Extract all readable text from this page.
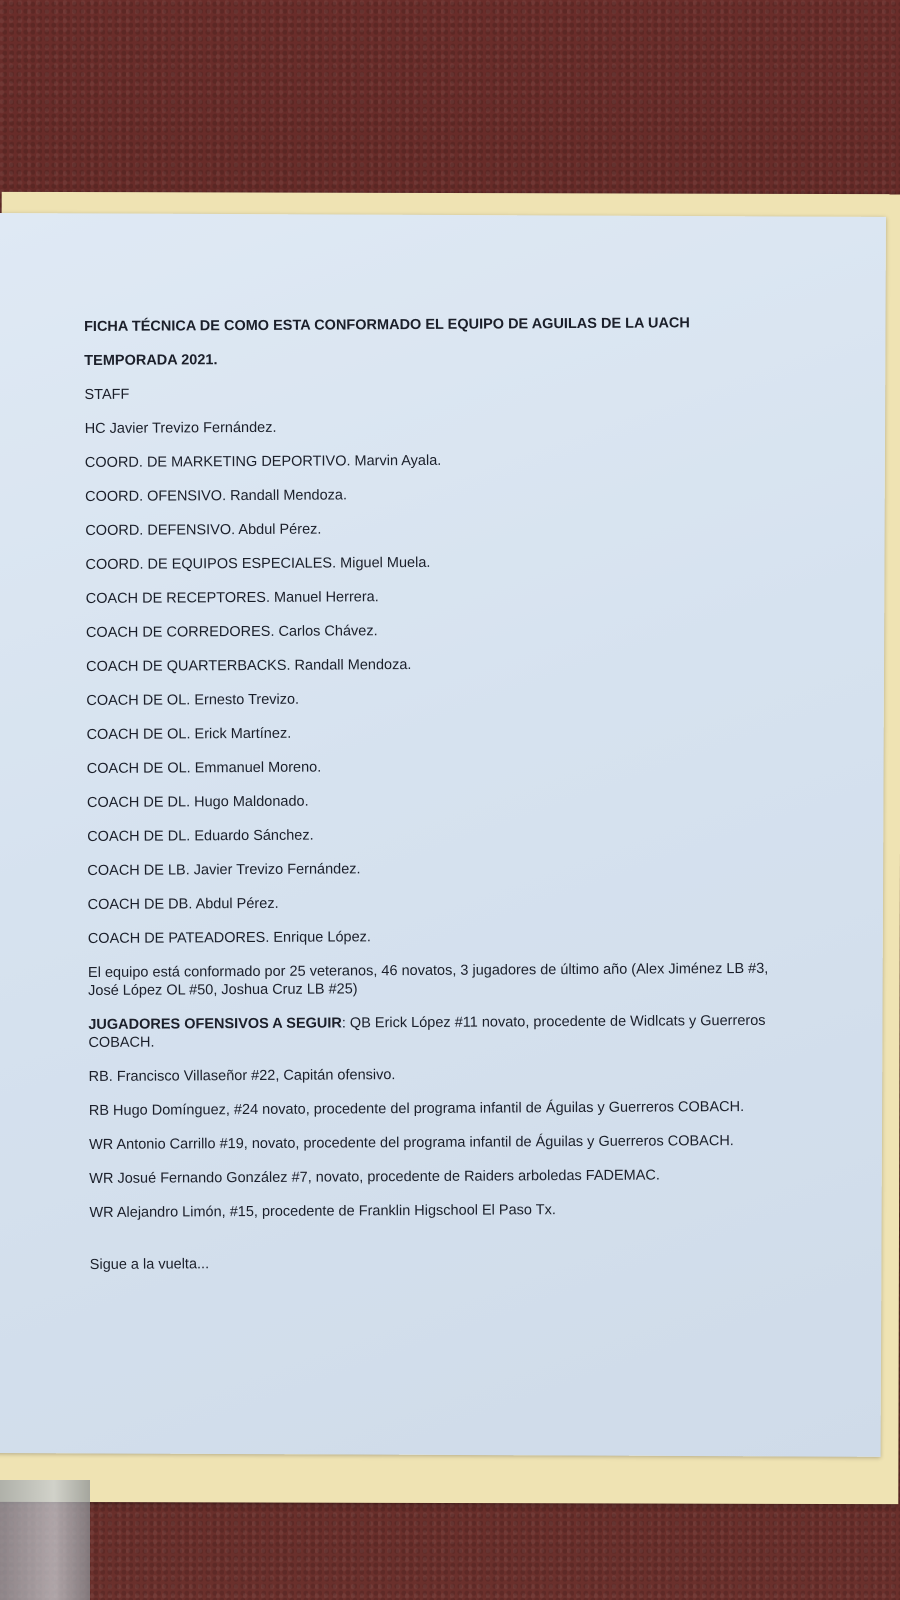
FICHA TÉCNICA DE COMO ESTA CONFORMADO EL EQUIPO DE AGUILAS DE LA UACH

TEMPORADA 2021.

STAFF

HC Javier Trevizo Fernández.

COORD. DE MARKETING DEPORTIVO. Marvin Ayala.

COORD. OFENSIVO. Randall Mendoza.

COORD. DEFENSIVO. Abdul Pérez.

COORD. DE EQUIPOS ESPECIALES. Miguel Muela.

COACH DE RECEPTORES. Manuel Herrera.

COACH DE CORREDORES. Carlos Chávez.

COACH DE QUARTERBACKS. Randall Mendoza.

COACH DE OL. Ernesto Trevizo.

COACH DE OL. Erick Martínez.

COACH DE OL. Emmanuel Moreno.

COACH DE DL. Hugo Maldonado.

COACH DE DL. Eduardo Sánchez.

COACH DE LB. Javier Trevizo Fernández.

COACH DE DB. Abdul Pérez.

COACH DE PATEADORES. Enrique López.

El equipo está conformado por 25 veteranos, 46 novatos, 3 jugadores de último año (Alex Jiménez LB #3, José López OL #50, Joshua Cruz LB #25)

JUGADORES OFENSIVOS A SEGUIR: QB Erick López #11 novato, procedente de Widlcats y Guerreros COBACH.

RB. Francisco Villaseñor #22, Capitán ofensivo.

RB Hugo Domínguez, #24 novato, procedente del programa infantil de Águilas y Guerreros COBACH.

WR Antonio Carrillo #19, novato, procedente del programa infantil de Águilas y Guerreros COBACH.

WR Josué Fernando González #7, novato, procedente de Raiders arboledas FADEMAC.

WR Alejandro Limón, #15, procedente de Franklin Higschool El Paso Tx.

Sigue a la vuelta...
